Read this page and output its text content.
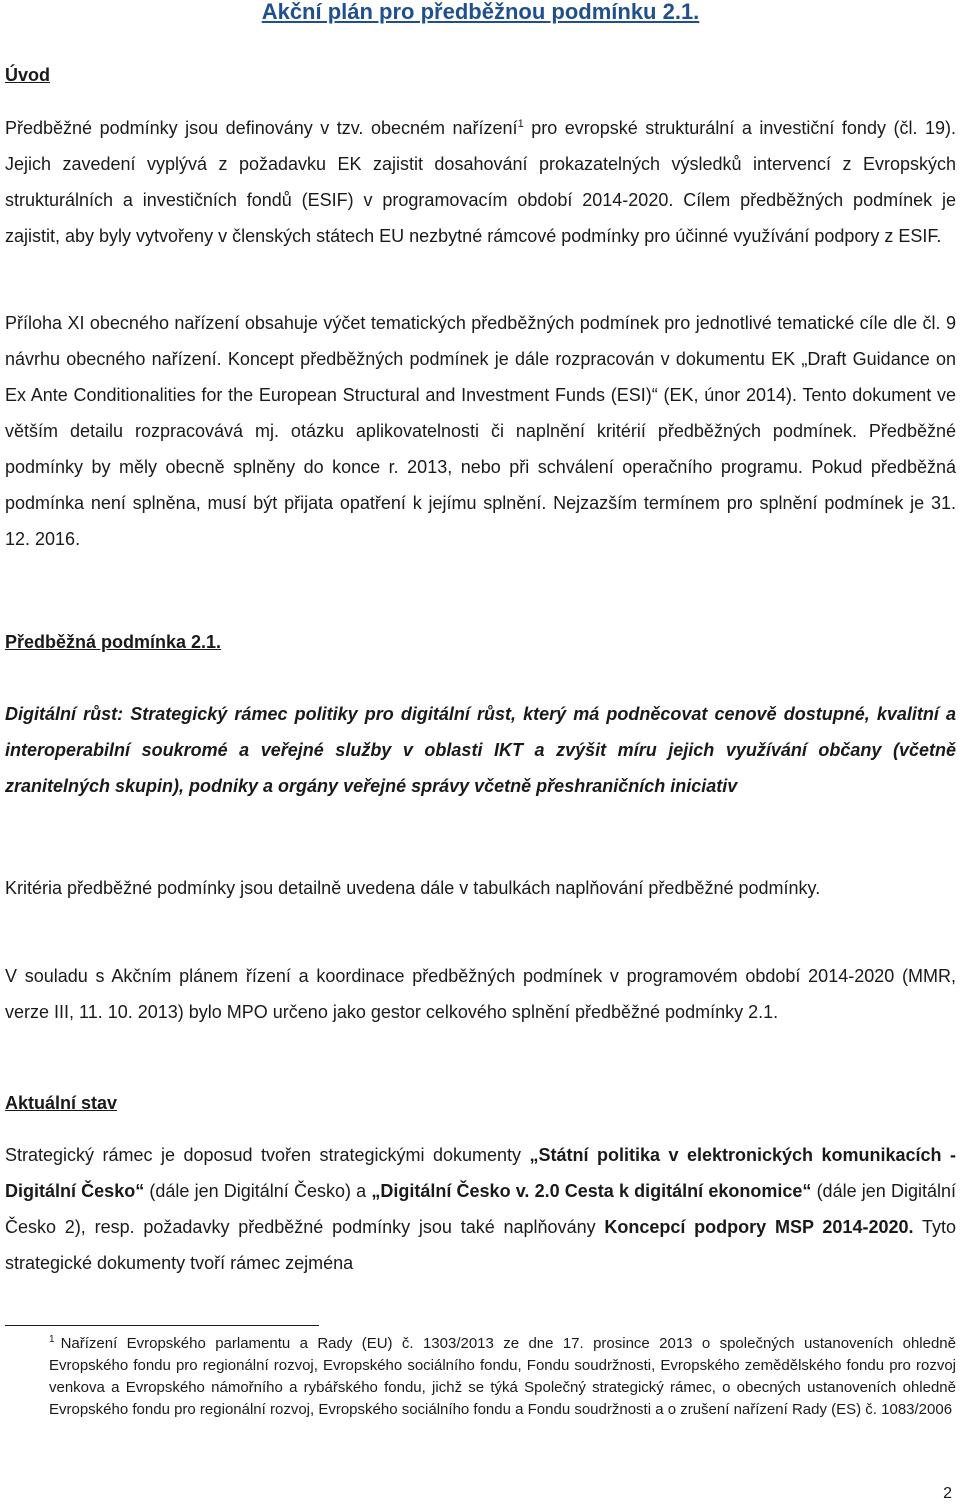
Akční plán pro předběžnou podmínku 2.1.
Úvod

Předběžné podmínky jsou definovány v tzv. obecném nařízení$^1$ pro evropské strukturální a investiční fondy (čl. 19). Jejich zavedení vyplývá z požadavku EK zajistit dosahování prokazatelných výsledků intervencí z Evropských strukturálních a investičních fondů (ESIF) v programovacím období 2014-2020. Cílem předběžných podmínek je zajistit, aby byly vytvořeny v členských státech EU nezbytné rámcové podmínky pro účinné využívání podpory z ESIF.

Příloha XI obecného nařízení obsahuje výčet tematických předběžných podmínek pro jednotlivé tematické cíle dle čl. 9 návrhu obecného nařízení. Koncept předběžných podmínek je dále rozpracován v dokumentu EK „Draft Guidance on Ex Ante Conditionalities for the European Structural and Investment Funds (ESI)“ (EK, únor 2014). Tento dokument ve větším detailu rozpracovává mj. otázku aplikovatelnosti či naplnění kritérií předběžných podmínek. Předběžné podmínky by měly obecně splněny do konce r. 2013, nebo při schválení operačního programu. Pokud předběžná podmínka není splněna, musí být přijata opatření k jejímu splnění. Nejzazším termínem pro splnění podmínek je 31. 12. 2016.

Předběžná podmínka 2.1.

Digitální růst: Strategický rámec politiky pro digitální růst, který má podněcovat cenově dostupné, kvalitní a interoperabilní soukromé a veřejné služby v oblasti IKT a zvýšit míru jejich využívání občany (včetně zranitelných skupin), podniky a orgány veřejné správy včetně přeshraničních iniciativ

Kritéria předběžné podmínky jsou detailně uvedena dále v tabulkách naplňování předběžné podmínky.

V souladu s Akčním plánem řízení a koordinace předběžných podmínek v programovém období 2014-2020 (MMR, verze III, 11. 10. 2013) bylo MPO určeno jako gestor celkového splnění předběžné podmínky 2.1.

Aktuální stav

Strategický rámec je doposud tvořen strategickými dokumenty „Státní politika v elektronických komunikacích - Digitální Česko“ (dále jen Digitální Česko) a „Digitální Česko v. 2.0 Cesta k digitální ekonomice“ (dále jen Digitální Česko 2), resp. požadavky předběžné podmínky jsou také naplňovány Koncepcí podpory MSP 2014-2020. Tyto strategické dokumenty tvoří rámec zejména

$^1$ Nařízení Evropského parlamentu a Rady (EU) č. 1303/2013 ze dne 17. prosince 2013 o společných ustanoveních ohledně Evropského fondu pro regionální rozvoj, Evropského sociálního fondu, Fondu soudržnosti, Evropského zemědělského fondu pro rozvoj venkova a Evropského námořního a rybářského fondu, jichž se týká Společný strategický rámec, o obecných ustanoveních ohledně Evropského fondu pro regionální rozvoj, Evropského sociálního fondu a Fondu soudržnosti a o zrušení nařízení Rady (ES) č. 1083/2006

2
